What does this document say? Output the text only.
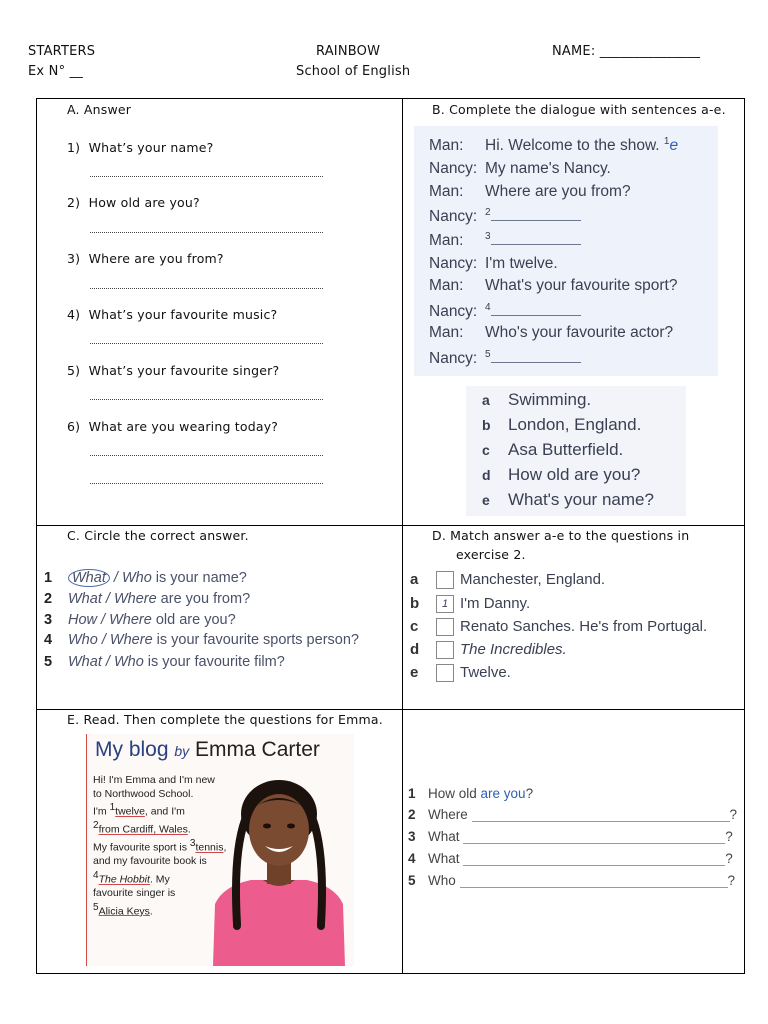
STARTERS
Ex N° __
RAINBOW
School of English
NAME: _______________
A. Answer
1) What’s your name?
2) How old are you?
3) Where are you from?
4) What’s your favourite music?
5) What’s your favourite singer?
6) What are you wearing today?
B. Complete the dialogue with sentences a-e.
Man: Hi. Welcome to the show. $^1$e
Nancy: My name's Nancy.
Man: Where are you from?
Nancy: $^2$
Man: $^3$
Nancy: I'm twelve.
Man: What's your favourite sport?
Nancy: $^4$
Man: Who's your favourite actor?
Nancy: $^5$
a Swimming.
b London, England.
c Asa Butterfield.
d How old are you?
e What's your name?
C. Circle the correct answer.
1 What / Who is your name?
2 What / Where are you from?
3 How / Where old are you?
4 Who / Where is your favourite sports person?
5 What / Who is your favourite film?
D. Match answer a-e to the questions in
exercise 2.
a	Manchester, England.
b 1 I'm Danny.
c	Renato Sanches. He's from Portugal.
d	The Incredibles.
e	Twelve.
E. Read. Then complete the questions for Emma.
My blog by Emma Carter
Hi! I'm Emma and I'm new
to Northwood School.
I'm $^1$twelve, and I'm
$^2$from Cardiff, Wales.
My favourite sport is $^3$tennis,
and my favourite book is
$^4$The Hobbit. My
favourite singer is
$^5$Alicia Keys.
1 How old are you?
2 Where	?
3 What	?
4 What	?
5 Who	?
